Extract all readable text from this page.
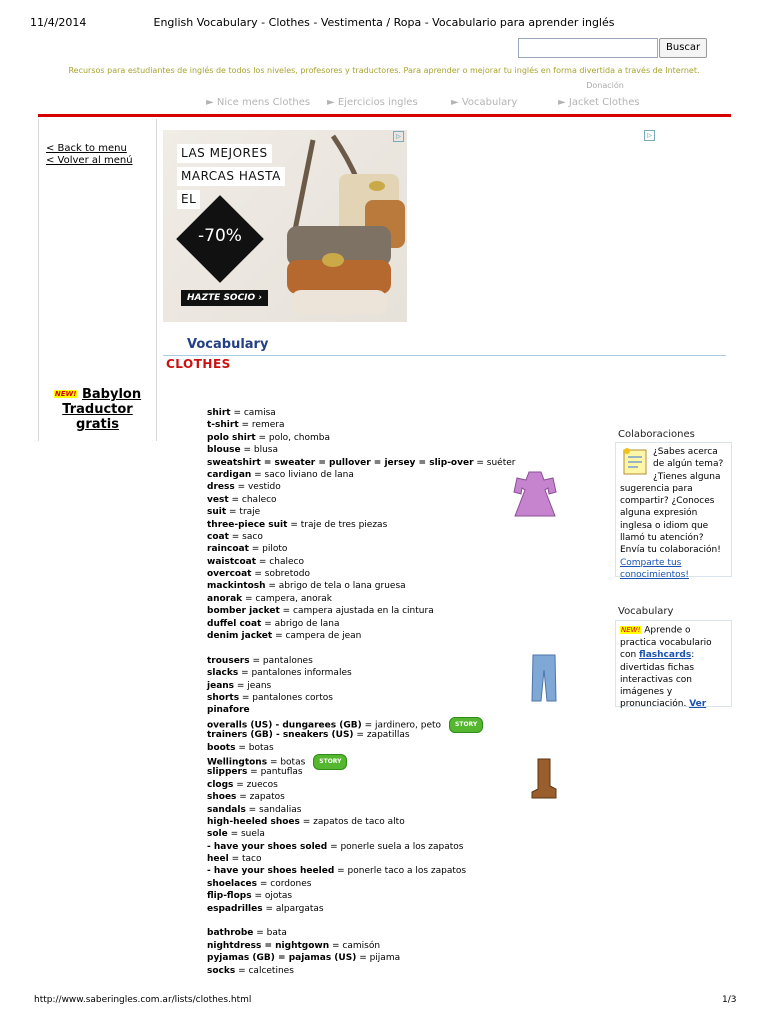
11/4/2014	English Vocabulary - Clothes - Vestimenta / Ropa - Vocabulario para aprender inglés
Buscar
Recursos para estudiantes de inglés de todos los niveles, profesores y traductores. Para aprender o mejorar tu inglés en forma divertida a través de Internet.
Donación
► Nice mens Clothes ► Ejercicios ingles	► Vocabulary	► Jacket Clothes
< Back to menu
< Volver al menú
NEW! Babylon
Traductor
gratis
LAS MEJORES MARCAS HASTA EL
-70%
HAZTE SOCIO ›
▷	▷
Vocabulary
CLOTHES
shirt = camisa
t-shirt = remera
polo shirt = polo, chomba
blouse = blusa
sweatshirt = sweater = pullover = jersey = slip-over = suéter
cardigan = saco liviano de lana
dress = vestido
vest = chaleco
suit = traje
three-piece suit = traje de tres piezas
coat = saco
raincoat = piloto
waistcoat = chaleco
overcoat = sobretodo
mackintosh = abrigo de tela o lana gruesa
anorak = campera, anorak
bomber jacket = campera ajustada en la cintura
duffel coat = abrigo de lana
denim jacket = campera de jean
trousers = pantalones
slacks = pantalones informales
jeans = jeans
shorts = pantalones cortos
pinafore
overalls (US) - dungarees (GB) = jardinero, peto STORY
trainers (GB) - sneakers (US) = zapatillas
boots = botas
Wellingtons = botas STORY
slippers = pantuflas
clogs = zuecos
shoes = zapatos
sandals = sandalias
high-heeled shoes = zapatos de taco alto
sole = suela
- have your shoes soled = ponerle suela a los zapatos
heel = taco
- have your shoes heeled = ponerle taco a los zapatos
shoelaces = cordones
flip-flops = ojotas
espadrilles = alpargatas
bathrobe = bata
nightdress = nightgown = camisón
pyjamas (GB) = pajamas (US) = pijama
socks = calcetines
Colaboraciones
¿Sabes acerca de algún tema? ¿Tienes alguna sugerencia para compartir? ¿Conoces alguna expresión inglesa o idiom que llamó tu atención? Envía tu colaboración! Comparte tus conocimientos!
Vocabulary
NEW! Aprende o practica vocabulario con flashcards: divertidas fichas interactivas con imágenes y pronunciación. Ver
http://www.saberingles.com.ar/lists/clothes.html	1/3
